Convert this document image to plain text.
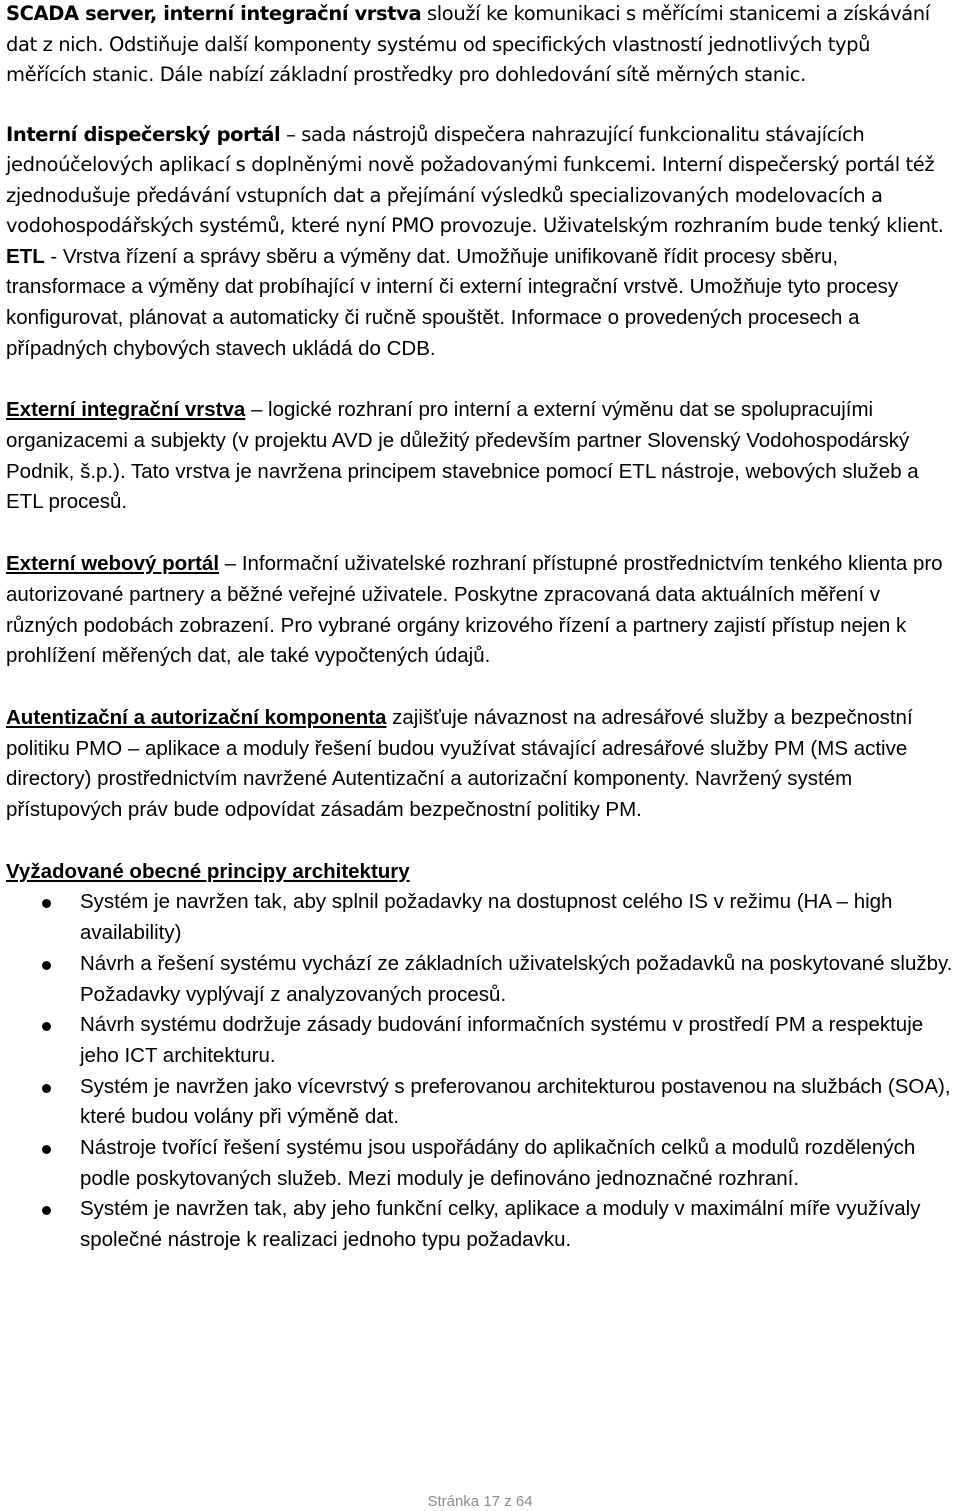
SCADA server, interní integrační vrstva slouží ke komunikaci s měřícími stanicemi a získávání dat z nich. Odstiňuje další komponenty systému od specifických vlastností jednotlivých typů měřících stanic. Dále nabízí základní prostředky pro dohledování sítě měrných stanic.

Interní dispečerský portál – sada nástrojů dispečera nahrazující funkcionalitu stávajících jednoúčelových aplikací s doplněnými nově požadovanými funkcemi. Interní dispečerský portál též zjednodušuje předávání vstupních dat a přejímání výsledků specializovaných modelovacích a vodohospodářských systémů, které nyní PMO provozuje. Uživatelským rozhraním bude tenký klient.

ETL - Vrstva řízení a správy sběru a výměny dat. Umožňuje unifikovaně řídit procesy sběru, transformace a výměny dat probíhající v interní či externí integrační vrstvě. Umožňuje tyto procesy konfigurovat, plánovat a automaticky či ručně spouštět. Informace o provedených procesech a případných chybových stavech ukládá do CDB.

Externí integrační vrstva – logické rozhraní pro interní a externí výměnu dat se spolupracujími organizacemi a subjekty (v projektu AVD je důležitý především partner Slovenský Vodohospodárský Podnik, š.p.). Tato vrstva je navržena principem stavebnice pomocí ETL nástroje, webových služeb a ETL procesů.

Externí webový portál – Informační uživatelské rozhraní přístupné prostřednictvím tenkého klienta pro autorizované partnery a běžné veřejné uživatele. Poskytne zpracovaná data aktuálních měření v různých podobách zobrazení. Pro vybrané orgány krizového řízení a partnery zajistí přístup nejen k prohlížení měřených dat, ale také vypočtených údajů.

Autentizační a autorizační komponenta zajišťuje návaznost na adresářové služby a bezpečnostní politiku PMO – aplikace a moduly řešení budou využívat stávající adresářové služby PM (MS active directory) prostřednictvím navržené Autentizační a autorizační komponenty. Navržený systém přístupových práv bude odpovídat zásadám bezpečnostní politiky PM.

Vyžadované obecné principy architektury

Systém je navržen tak, aby splnil požadavky na dostupnost celého IS v režimu (HA – high availability)
Návrh a řešení systému vychází ze základních uživatelských požadavků na poskytované služby. Požadavky vyplývají z analyzovaných procesů.
Návrh systému dodržuje zásady budování informačních systému v prostředí PM a respektuje jeho ICT architekturu.
Systém je navržen jako vícevrstvý s preferovanou architekturou postavenou na službách (SOA), které budou volány při výměně dat.
Nástroje tvořící řešení systému jsou uspořádány do aplikačních celků a modulů rozdělených podle poskytovaných služeb. Mezi moduly je definováno jednoznačné rozhraní.
Systém je navržen tak, aby jeho funkční celky, aplikace a moduly v maximální míře využívaly společné nástroje k realizaci jednoho typu požadavku.
Stránka 17 z 64
